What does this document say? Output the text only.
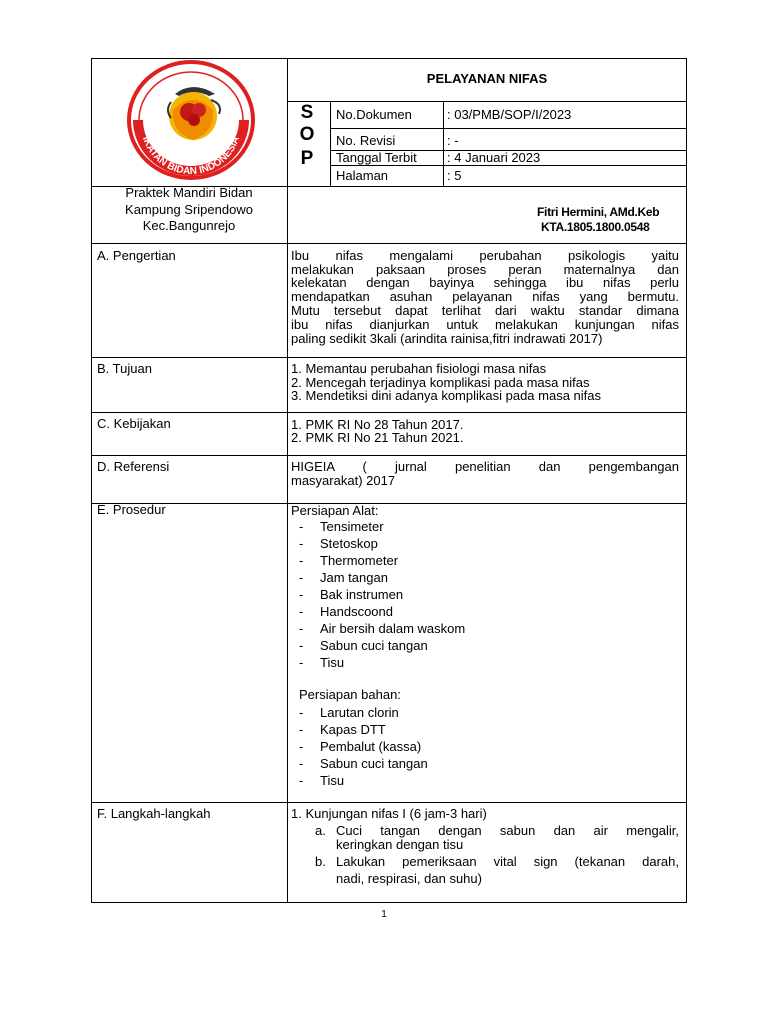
IKATAN BIDAN INDONESIA
PELAYANAN NIFAS
S
O
P
No.Dokumen	: 03/PMB/SOP/I/2023
No. Revisi	: -
Tanggal Terbit : 4 Januari 2023
Halaman	: 5
Praktek Mandiri Bidan
Kampung Sripendowo
Kec.Bangunrejo
Fitri Hermini, AMd.Keb
KTA.1805.1800.0548
A. Pengertian	Ibu nifas mengalami perubahan psikologis yaitu
melakukan paksaan proses peran maternalnya dan
kelekatan dengan bayinya sehingga ibu nifas perlu
mendapatkan asuhan pelayanan nifas yang bermutu.
Mutu tersebut dapat terlihat dari waktu standar dimana
ibu nifas dianjurkan untuk melakukan kunjungan nifas
paling sedikit 3kali (arindita rainisa,fitri indrawati 2017)
B. Tujuan	1. Memantau perubahan fisiologi masa nifas
2. Mencegah terjadinya komplikasi pada masa nifas
3. Mendetiksi dini adanya komplikasi pada masa nifas
C. Kebijakan	1. PMK RI No 28 Tahun 2017.
2. PMK RI No 21 Tahun 2021.
D. Referensi	HIGEIA ( jurnal penelitian dan pengembangan
masyarakat) 2017
E. Prosedur	Persiapan Alat:
- Tensimeter
- Stetoskop
- Thermometer
- Jam tangan
- Bak instrumen
- Handscoond
- Air bersih dalam waskom
- Sabun cuci tangan
- Tisu
Persiapan bahan:
- Larutan clorin
- Kapas DTT
- Pembalut (kassa)
- Sabun cuci tangan
- Tisu
F. Langkah-langkah	1. Kunjungan nifas I (6 jam-3 hari)
a. Cuci tangan dengan sabun dan air mengalir,
keringkan dengan tisu
b. Lakukan pemeriksaan vital sign (tekanan darah,
nadi, respirasi, dan suhu)
1
